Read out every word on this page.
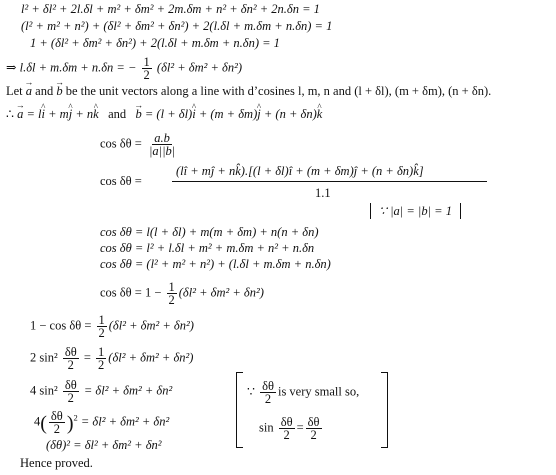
l² + δl² + 2l.δl + m² + δm² + 2m.δm + n² + δn² + 2n.δn = 1
(l² + m² + n²) + (δl² + δm² + δn²) + 2(l.δl + m.δm + n.δn) = 1
1 + (δl² + δm² + δn²) + 2(l.δl + m.δm + n.δn) = 1
⇒ l.δl + m.δm + n.δn = − $\frac{1}{2} (\delta l^2 + \delta m^2 + \delta n^2)$
Let → a and → b be the unit vectors along a line with d’cosines l, m, n and (l + δl), (m + δm), (n + δn).
∴ → a = l^ i + m^ j + n^ k and → b = (l + δl)^ i + (m + δm)^ j + (n + δn)^ k
$\cos \delta\theta = \frac{a.b}{|a||b|}$
cos δθ =
(lî + mĵ + nk̂).[(l + δl)î + (m + δm)ĵ + (n + δn)k̂]
1.1
∵ |a| = |b| = 1
cos δθ = l(l + δl) + m(m + δm) + n(n + δn)
cos δθ = l² + l.δl + m² + m.δm + n² + n.δn
cos δθ = (l² + m² + n²) + (l.δl + m.δm + n.δn)
$\cos \delta\theta = 1 - \frac{1}{2} (\delta l^2 + \delta m^2 + \delta n^2)$
$1 - \cos \delta\theta = \frac{1}{2} (\delta l^2 + \delta m^2 + \delta n^2)$
2 $\sin^2 \frac{\delta\theta}{2} = \frac{1}{2} (\delta l^2 + \delta m^2 + \delta n^2)$
4 $\sin^2 \frac{\delta\theta}{2} = \delta l^2 + \delta m^2 + \delta n^2$
$4( \frac{\delta\theta}{2} )^2 = \delta l^2 + \delta m^2 + \delta n^2$
(δθ)² = δl² + δm² + δn²
Hence proved.
∵ $\frac{\delta\theta}{2}$ is very small so,
$\sin \frac{\delta\theta}{2} = \frac{\delta\theta}{2}$
